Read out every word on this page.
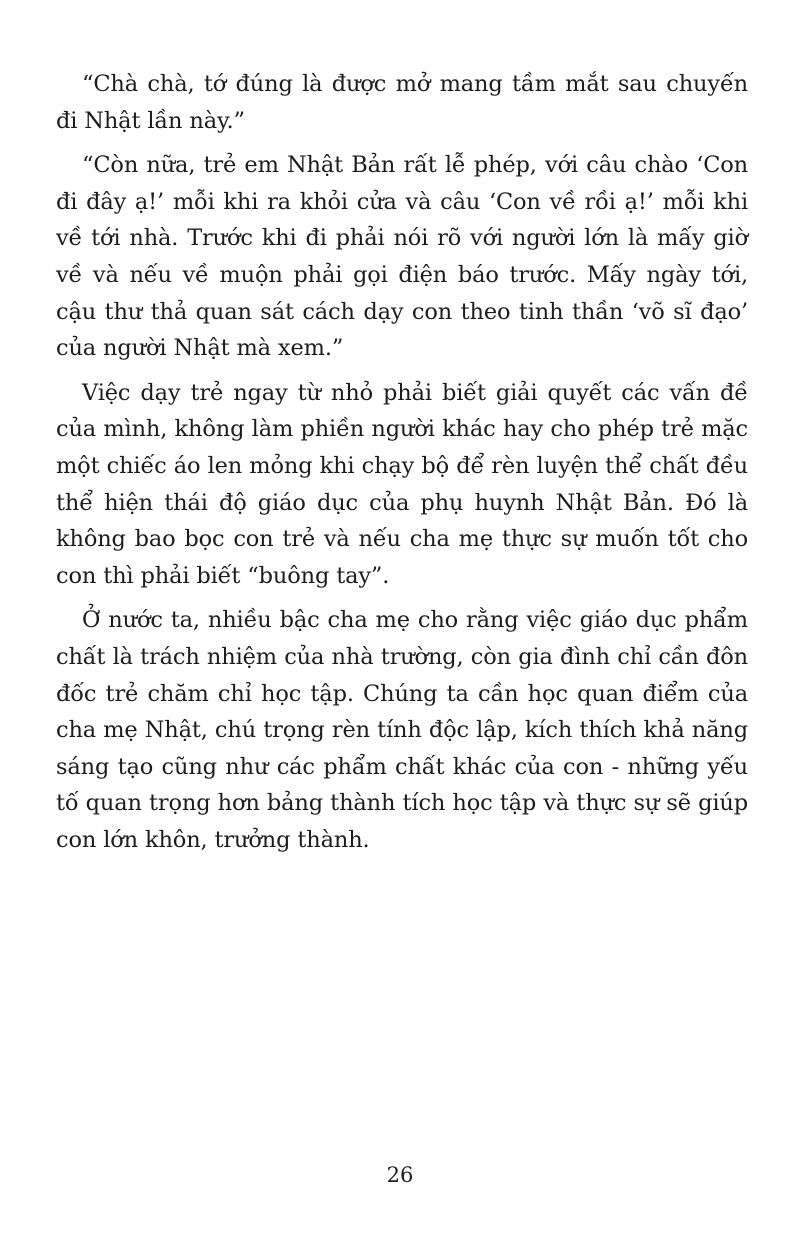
“Chà chà, tớ đúng là được mở mang tầm mắt sau chuyến đi Nhật lần này.”

“Còn nữa, trẻ em Nhật Bản rất lễ phép, với câu chào ‘Con đi đây ạ!’ mỗi khi ra khỏi cửa và câu ‘Con về rồi ạ!’ mỗi khi về tới nhà. Trước khi đi phải nói rõ với người lớn là mấy giờ về và nếu về muộn phải gọi điện báo trước. Mấy ngày tới, cậu thư thả quan sát cách dạy con theo tinh thần ‘võ sĩ đạo’ của người Nhật mà xem.”

Việc dạy trẻ ngay từ nhỏ phải biết giải quyết các vấn đề của mình, không làm phiền người khác hay cho phép trẻ mặc một chiếc áo len mỏng khi chạy bộ để rèn luyện thể chất đều thể hiện thái độ giáo dục của phụ huynh Nhật Bản. Đó là không bao bọc con trẻ và nếu cha mẹ thực sự muốn tốt cho con thì phải biết “buông tay”.

Ở nước ta, nhiều bậc cha mẹ cho rằng việc giáo dục phẩm chất là trách nhiệm của nhà trường, còn gia đình chỉ cần đôn đốc trẻ chăm chỉ học tập. Chúng ta cần học quan điểm của cha mẹ Nhật, chú trọng rèn tính độc lập, kích thích khả năng sáng tạo cũng như các phẩm chất khác của con - những yếu tố quan trọng hơn bảng thành tích học tập và thực sự sẽ giúp con lớn khôn, trưởng thành.

26
